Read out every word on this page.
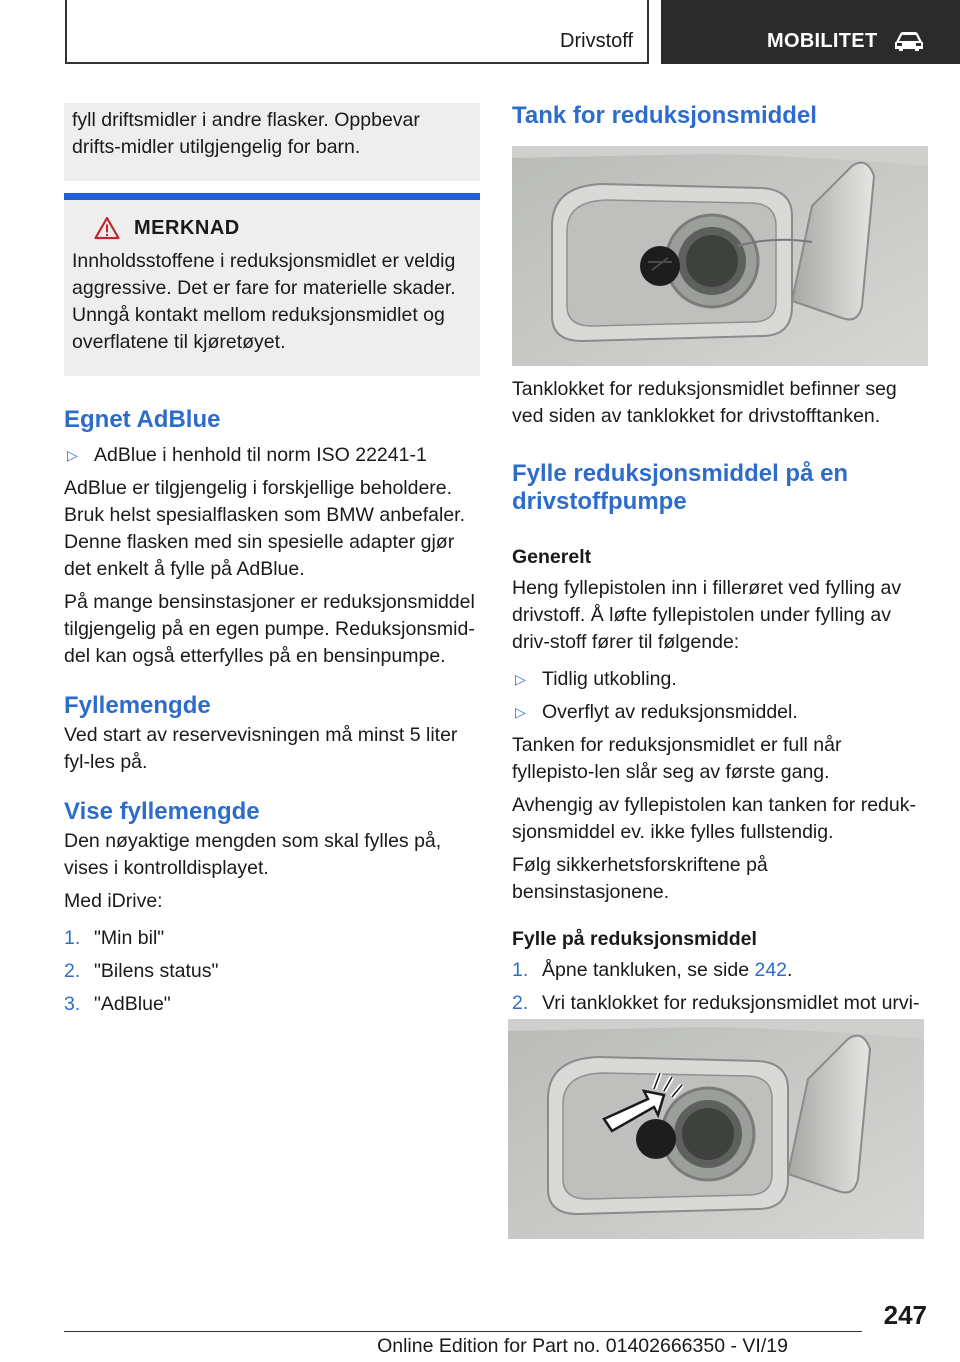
Drivstoff	MOBILITET

fyll driftsmidler i andre flasker. Oppbevar drifts-midler utilgjengelig for barn.

MERKNAD

Innholdsstoffene i reduksjonsmidlet er veldig aggressive. Det er fare for materielle skader. Unngå kontakt mellom reduksjonsmidlet og overflatene til kjøretøyet.

Egnet AdBlue
▷ AdBlue i henhold til norm ISO 22241-1

AdBlue er tilgjengelig i forskjellige beholdere. Bruk helst spesialflasken som BMW anbefaler. Denne flasken med sin spesielle adapter gjør det enkelt å fylle på AdBlue.

På mange bensinstasjoner er reduksjonsmiddel tilgjengelig på en egen pumpe. Reduksjonsmid-del kan også etterfylles på en bensinpumpe.

Fyllemengde

Ved start av reservevisningen må minst 5 liter fyl-les på.

Vise fyllemengde

Den nøyaktige mengden som skal fylles på, vises i kontrolldisplayet.

Med iDrive:

1. "Min bil"
2. "Bilens status"
3. "AdBlue"
Tank for reduksjonsmiddel

Tanklokket for reduksjonsmidlet befinner seg ved siden av tanklokket for drivstofftanken.

Fylle reduksjonsmiddel på en drivstoffpumpe
Generelt

Heng fyllepistolen inn i fillerøret ved fylling av drivstoff. Å løfte fyllepistolen under fylling av driv-stoff fører til følgende:

▷ Tidlig utkobling.
▷ Overflyt av reduksjonsmiddel.

Tanken for reduksjonsmidlet er full når fyllepisto-len slår seg av første gang.

Avhengig av fyllepistolen kan tanken for reduk-sjonsmiddel ev. ikke fylles fullstendig.

Følg sikkerhetsforskriftene på bensinstasjonene.

Fylle på reduksjonsmiddel
1. Åpne tankluken, se side 242.
2. Vri tanklokket for reduksjonsmidlet mot urvi-
247
Online Edition for Part no. 01402666350 - VI/19
